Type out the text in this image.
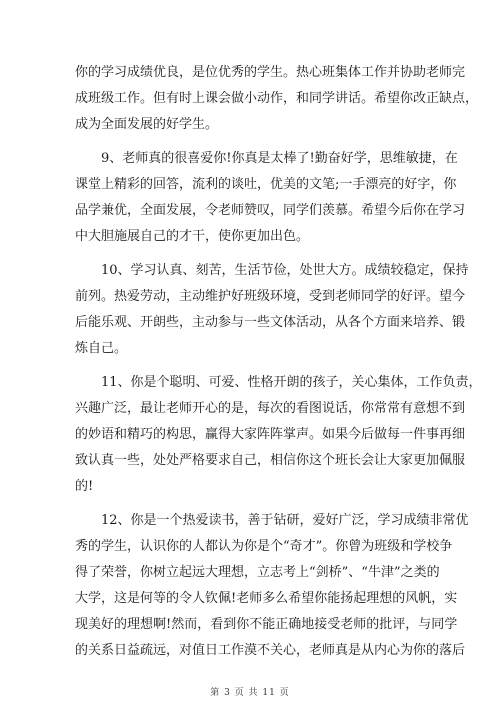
你的学习成绩优良，是位优秀的学生。热心班集体工作并协助老师完
成班级工作。但有时上课会做小动作，和同学讲话。希望你改正缺点，
成为全面发展的好学生。
　　9、老师真的很喜爱你!你真是太棒了!勤奋好学，思维敏捷，在
课堂上精彩的回答，流利的谈吐，优美的文笔;一手漂亮的好字，你
品学兼优，全面发展，令老师赞叹，同学们羡慕。希望今后你在学习
中大胆施展自己的才干，使你更加出色。
　　10、学习认真、刻苦，生活节俭，处世大方。成绩较稳定，保持
前列。热爱劳动，主动维护好班级环境，受到老师同学的好评。望今
后能乐观、开朗些，主动参与一些文体活动，从各个方面来培养、锻
炼自己。
　　11、你是个聪明、可爱、性格开朗的孩子，关心集体，工作负责，
兴趣广泛，最让老师开心的是，每次的看图说话，你常常有意想不到
的妙语和精巧的构思，赢得大家阵阵掌声。如果今后做每一件事再细
致认真一些，处处严格要求自己，相信你这个班长会让大家更加佩服
的!
　　12、你是一个热爱读书，善于钻研，爱好广泛，学习成绩非常优
秀的学生，认识你的人都认为你是个“奇才”。你曾为班级和学校争
得了荣誉，你树立起远大理想，立志考上“剑桥”、“牛津”之类的
大学，这是何等的令人钦佩!老师多么希望你能扬起理想的风帆，实
现美好的理想啊!然而，看到你不能正确地接受老师的批评，与同学
的关系日益疏远，对值日工作漠不关心，老师真是从内心为你的落后
第 3 页 共 11 页
